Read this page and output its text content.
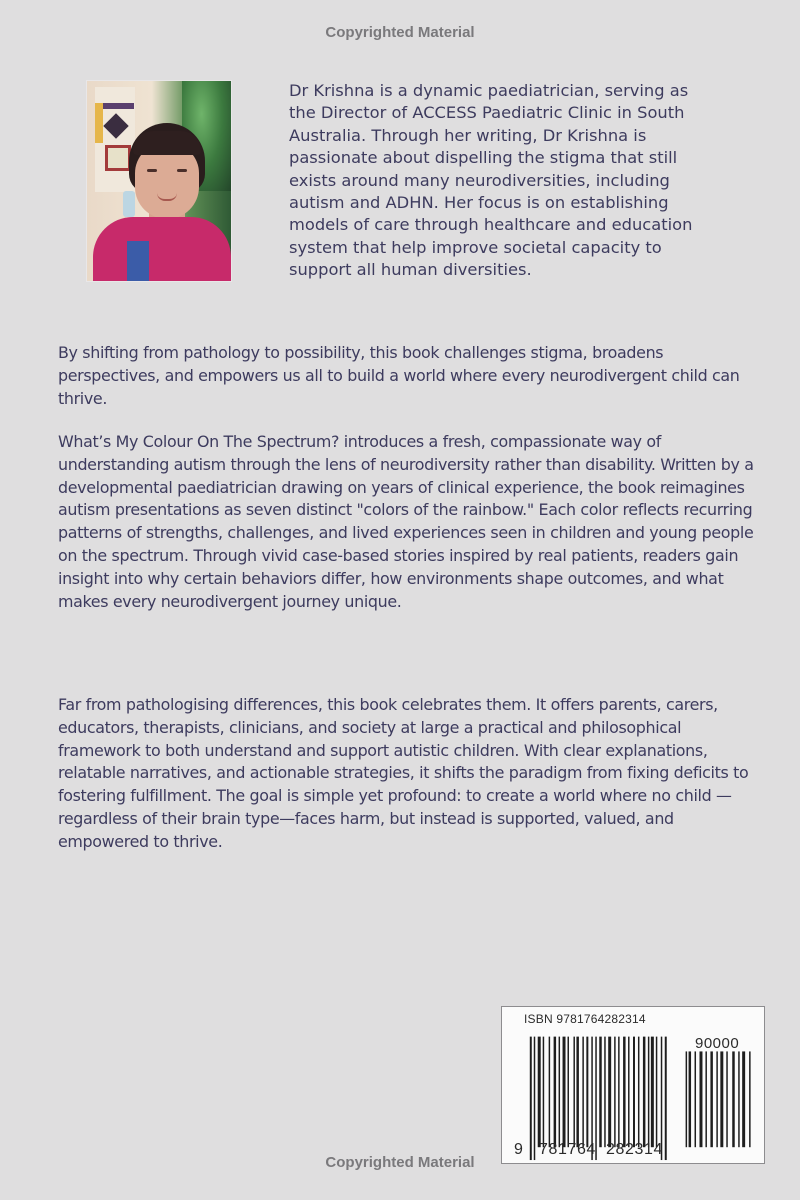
Copyrighted Material

Dr Krishna is a dynamic paediatrician, serving as the Director of ACCESS Paediatric Clinic in South Australia. Through her writing, Dr Krishna is passionate about dispelling the stigma that still exists around many neurodiversities, including autism and ADHN. Her focus is on establishing models of care through healthcare and education system that help improve societal capacity to support all human diversities.

By shifting from pathology to possibility, this book challenges stigma, broadens perspectives, and empowers us all to build a world where every neurodivergent child can thrive.

What’s My Colour On The Spectrum? introduces a fresh, compassionate way of understanding autism through the lens of neurodiversity rather than disability. Written by a developmental paediatrician drawing on years of clinical experience, the book reimagines autism presentations as seven distinct "colors of the rainbow." Each color reflects recurring patterns of strengths, challenges, and lived experiences seen in children and young people on the spectrum. Through vivid case-based stories inspired by real patients, readers gain insight into why certain behaviors differ, how environments shape outcomes, and what makes every neurodivergent journey unique.

Far from pathologising differences, this book celebrates them. It offers parents, carers, educators, therapists, clinicians, and society at large a practical and philosophical framework to both understand and support autistic children. With clear explanations, relatable narratives, and actionable strategies, it shifts the paradigm from fixing deficits to fostering fulfillment. The goal is simple yet profound: to create a world where no child —regardless of their brain type—faces harm, but instead is supported, valued, and empowered to thrive.

ISBN 9781764282314
90000
9 781764 282314
Copyrighted Material
